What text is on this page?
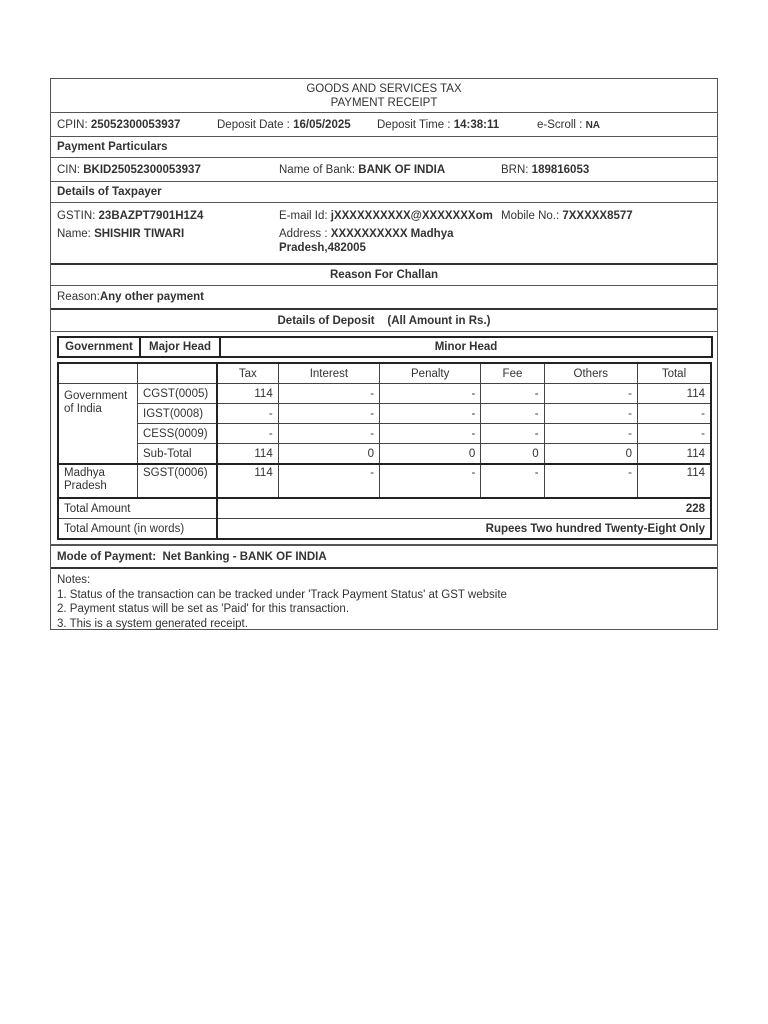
GOODS AND SERVICES TAX
PAYMENT RECEIPT
CPIN: 25052300053937	Deposit Date : 16/05/2025	Deposit Time : 14:38:11	e-Scroll : NA
Payment Particulars
CIN: BKID25052300053937	Name of Bank: BANK OF INDIA	BRN: 189816053
Details of Taxpayer
GSTIN: 23BAZPT7901H1Z4	E-mail Id: jXXXXXXXXXX@XXXXXXXom Mobile No.: 7XXXXX8577
Name: SHISHIR TIWARI	Address : XXXXXXXXXX Madhya
Pradesh,482005
Reason For Challan
Reason: Any other payment
Details of Deposit    (All Amount in Rs.)
Government	Major Head	Minor Head
		Tax	Interest	Penalty	Fee	Others	Total
Government of India	CGST(0005)	114	-	-	-	-	114
	IGST(0008)	-	-	-	-	-	-
	CESS(0009)	-	-	-	-	-	-
	Sub-Total	114	0	0	0	0	114
Madhya Pradesh	SGST(0006)	114	-	-	-	-	114
Total Amount		228					
Total Amount (in words)		Rupees Two hundred Twenty-Eight Only					
Mode of Payment: Net Banking - BANK OF INDIA
Notes:
1. Status of the transaction can be tracked under 'Track Payment Status' at GST website
2. Payment status will be set as 'Paid' for this transaction.
3. This is a system generated receipt.
